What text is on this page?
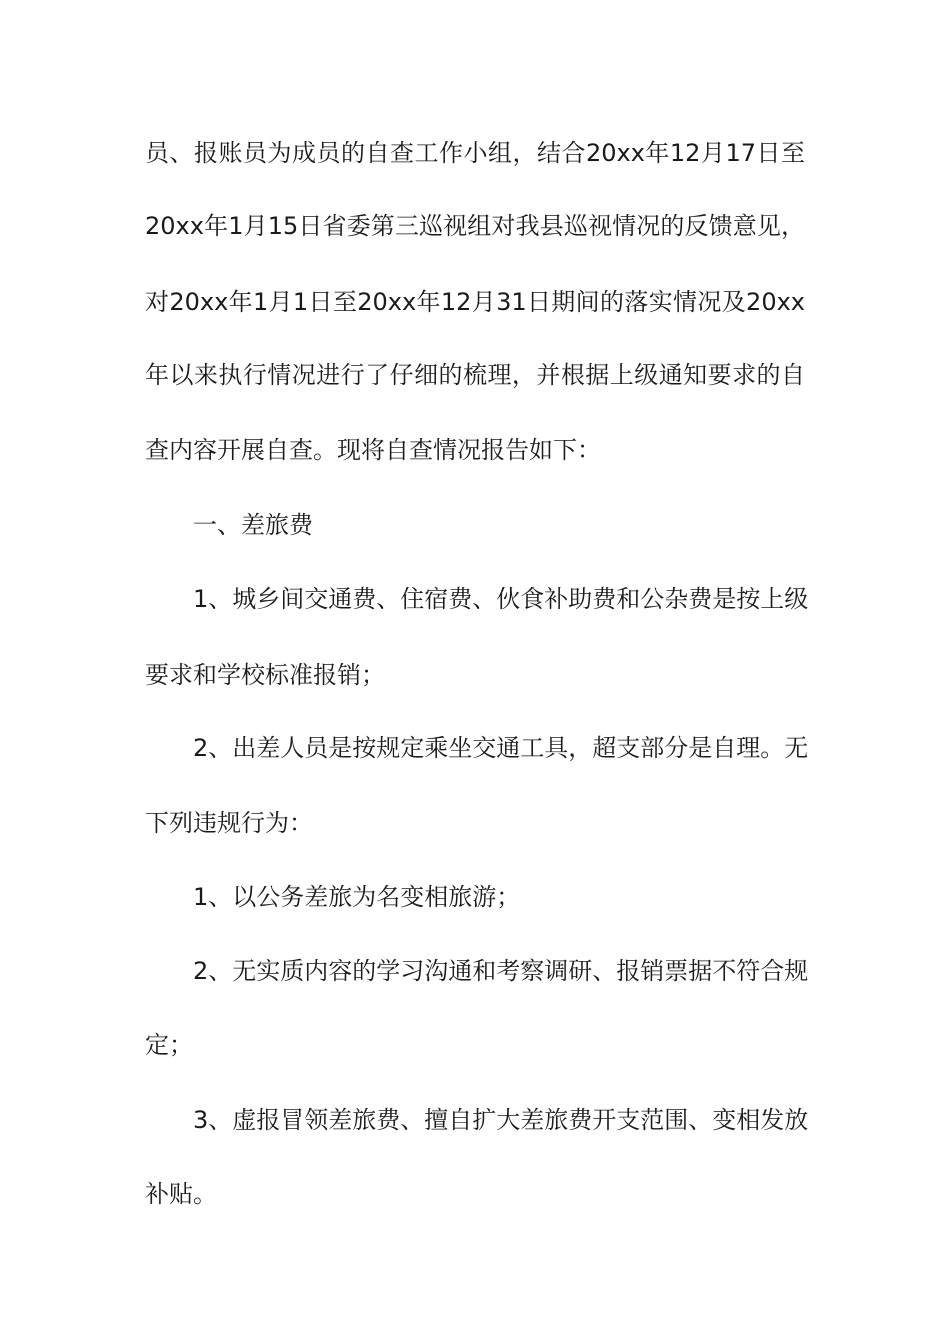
员、报账员为成员的自查工作小组，结合20xx年12月17日至
20xx年1月15日省委第三巡视组对我县巡视情况的反馈意见，
对20xx年1月1日至20xx年12月31日期间的落实情况及20xx
年以来执行情况进行了仔细的梳理，并根据上级通知要求的自
查内容开展自查。现将自查情况报告如下：
一、差旅费
1、城乡间交通费、住宿费、伙食补助费和公杂费是按上级
要求和学校标准报销；
2、出差人员是按规定乘坐交通工具，超支部分是自理。无
下列违规行为：
1、以公务差旅为名变相旅游；
2、无实质内容的学习沟通和考察调研、报销票据不符合规
定；
3、虚报冒领差旅费、擅自扩大差旅费开支范围、变相发放
补贴。
